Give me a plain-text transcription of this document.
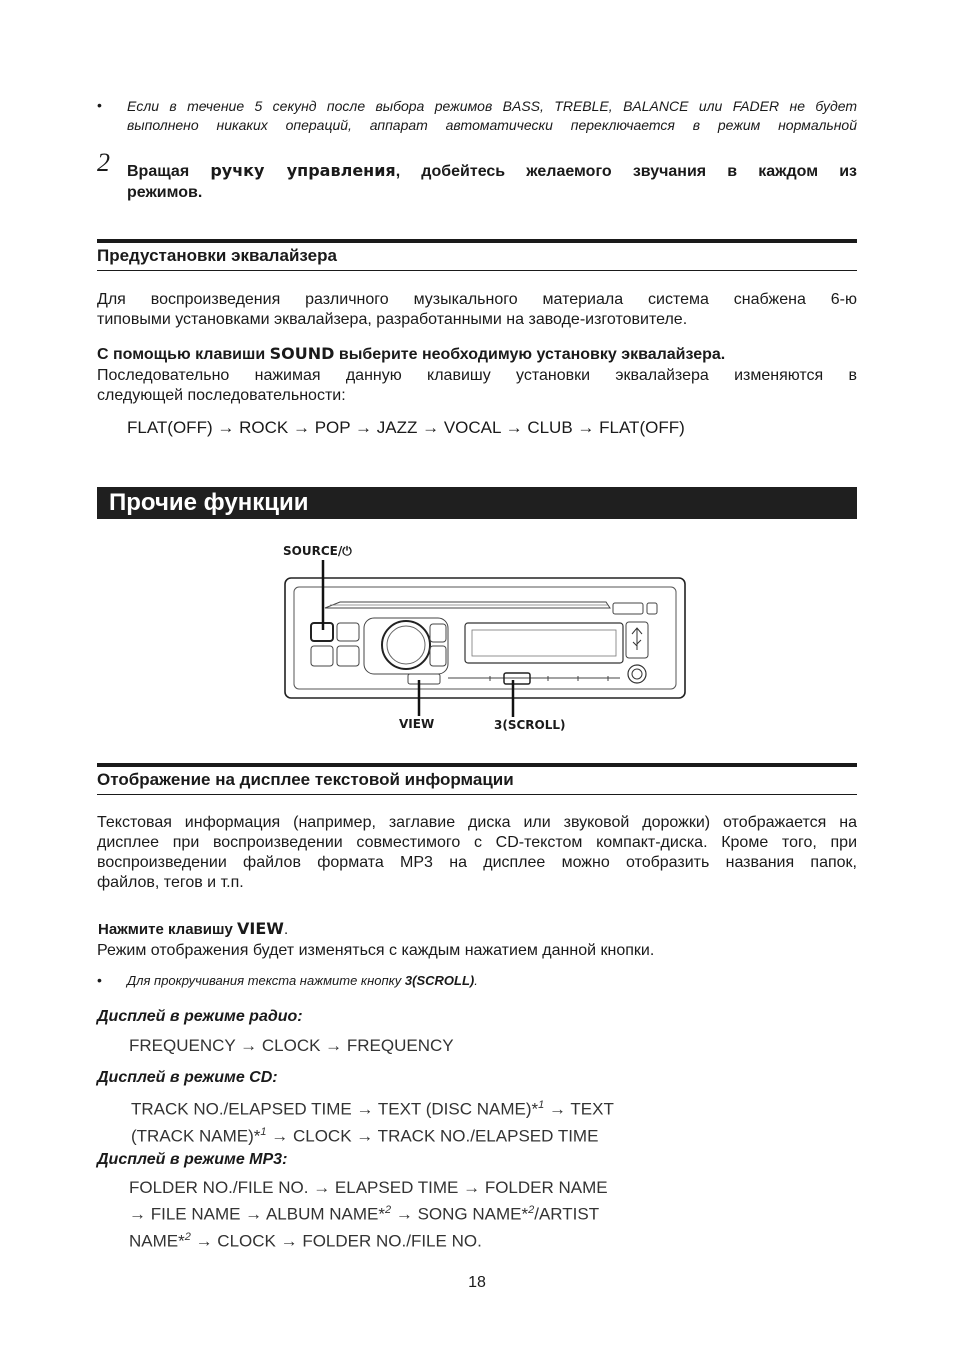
• Если в течение 5 секунд после выбора режимов BASS, TREBLE, BALANCE или FADER не будет
выполнено никаких операций, аппарат автоматически переключается в режим нормальной
2 Вращая ручку управления, добейтесь желаемого звучания в каждом из
режимов.
Предустановки эквалайзера
Для воспроизведения различного музыкального материала система снабжена 6-ю
типовыми установками эквалайзера, разработанными на заводе-изготовителе.
С помощью клавиши SOUND выберите необходимую установку эквалайзера.
Последовательно нажимая данную клавишу установки эквалайзера изменяются в
следующей последовательности:
FLAT(OFF) → ROCK → POP → JAZZ → VOCAL → CLUB → FLAT(OFF)
Прочие функции
SOURCE/⏻
VIEW	3(SCROLL)
Отображение на дисплее текстовой информации
Текстовая информация (например, заглавие диска или звуковой дорожки) отображается на
дисплее при воспроизведении совместимого с CD-текстом компакт-диска. Кроме того, при
воспроизведении файлов формата MP3 на дисплее можно отобразить названия папок,
файлов, тегов и т.п.
Нажмите клавишу VIEW.
Режим отображения будет изменяться с каждым нажатием данной кнопки.
• Для прокручивания текста нажмите кнопку 3(SCROLL).
Дисплей в режиме радио:
FREQUENCY → CLOCK → FREQUENCY
Дисплей в режиме CD:
TRACK NO./ELAPSED TIME → TEXT (DISC NAME)*$^1$ → TEXT
(TRACK NAME)*$^1$ → CLOCK → TRACK NO./ELAPSED TIME
Дисплей в режиме MP3:
FOLDER NO./FILE NO. → ELAPSED TIME → FOLDER NAME
→ FILE NAME → ALBUM NAME*$^2$ → SONG NAME*$^2$/ARTIST
NAME*$^2$ → CLOCK → FOLDER NO./FILE NO.
18
